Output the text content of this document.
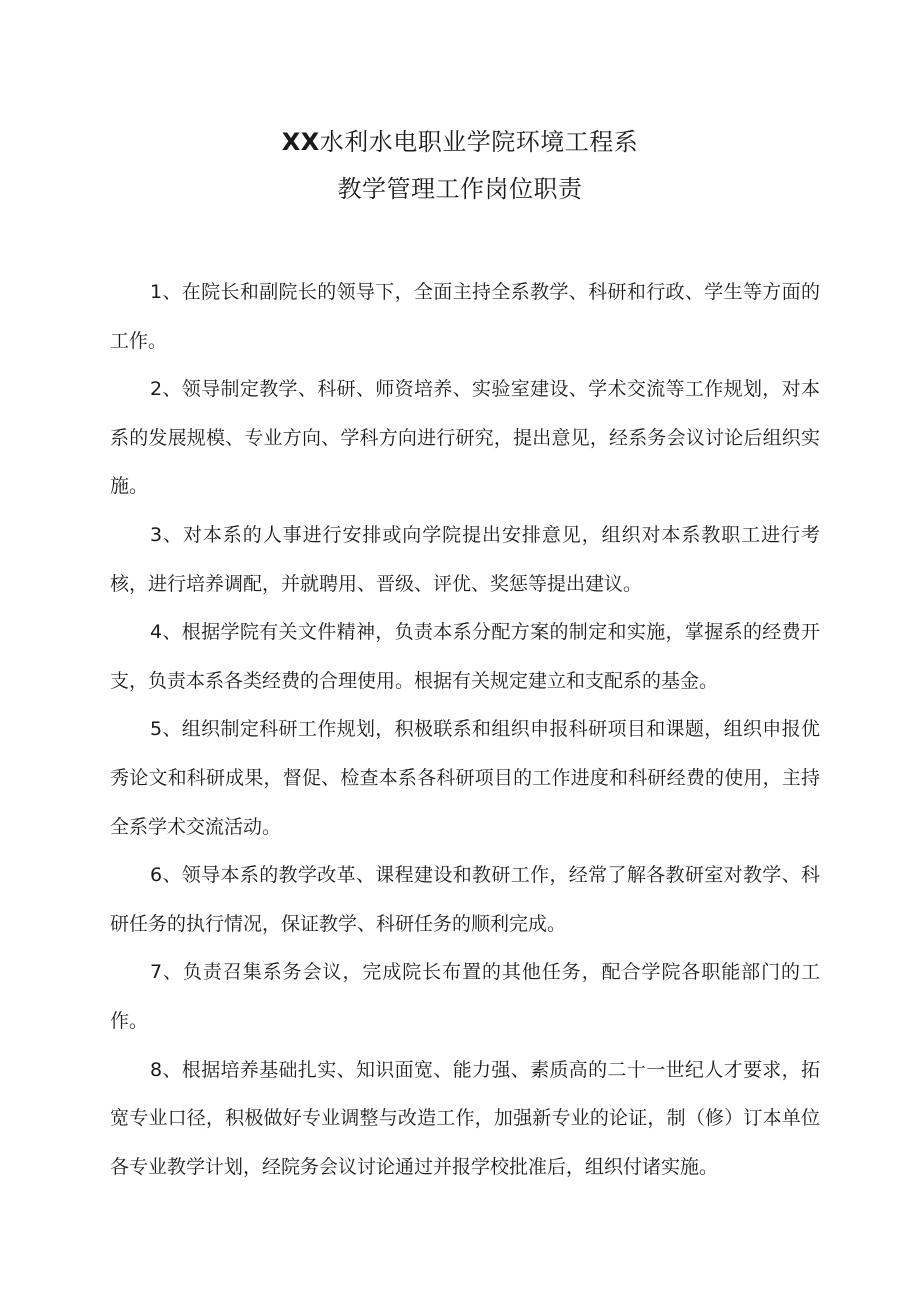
XX水利水电职业学院环境工程系
教学管理工作岗位职责

1、在院长和副院长的领导下，全面主持全系教学、科研和行政、学生等方面的工作。

2、领导制定教学、科研、师资培养、实验室建设、学术交流等工作规划，对本系的发展规模、专业方向、学科方向进行研究，提出意见，经系务会议讨论后组织实施。

3、对本系的人事进行安排或向学院提出安排意见，组织对本系教职工进行考核，进行培养调配，并就聘用、晋级、评优、奖惩等提出建议。

4、根据学院有关文件精神，负责本系分配方案的制定和实施，掌握系的经费开支，负责本系各类经费的合理使用。根据有关规定建立和支配系的基金。

5、组织制定科研工作规划，积极联系和组织申报科研项目和课题，组织申报优秀论文和科研成果，督促、检查本系各科研项目的工作进度和科研经费的使用，主持全系学术交流活动。

6、领导本系的教学改革、课程建设和教研工作，经常了解各教研室对教学、科研任务的执行情况，保证教学、科研任务的顺利完成。

7、负责召集系务会议，完成院长布置的其他任务，配合学院各职能部门的工作。

8、根据培养基础扎实、知识面宽、能力强、素质高的二十一世纪人才要求，拓宽专业口径，积极做好专业调整与改造工作，加强新专业的论证，制（修）订本单位各专业教学计划，经院务会议讨论通过并报学校批准后，组织付诸实施。
